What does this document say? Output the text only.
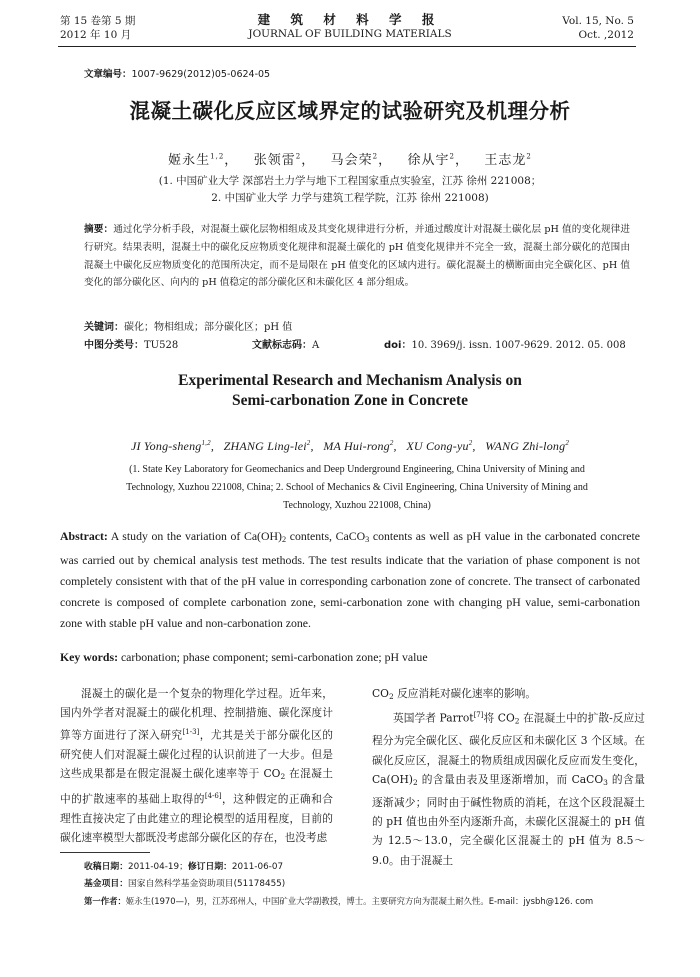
第 15 卷第 5 期
2012 年 10 月
建 筑 材 料 学 报
JOURNAL OF BUILDING MATERIALS
Vol. 15, No. 5
Oct. ,2012
文章编号：1007-9629(2012)05-0624-05
混凝土碳化反应区域界定的试验研究及机理分析
姬永生$^{1,2}$，   张领雷$^2$，   马会荣$^2$，   徐从宇$^2$，   王志龙$^2$
(1. 中国矿业大学 深部岩土力学与地下工程国家重点实验室，江苏 徐州 221008；
2. 中国矿业大学 力学与建筑工程学院，江苏 徐州 221008)
摘要：通过化学分析手段，对混凝土碳化层物相组成及其变化规律进行分析，并通过酸度计对混凝土碳化层 pH 值的变化规律进行研究。结果表明，混凝土中的碳化反应物质变化规律和混凝土碳化的 pH 值变化规律并不完全一致，混凝土部分碳化的范围由混凝土中碳化反应物质变化的范围所决定，而不是局限在 pH 值变化的区域内进行。碳化混凝土的横断面由完全碳化区、pH 值变化的部分碳化区、向内的 pH 值稳定的部分碳化区和未碳化区 4 部分组成。
关键词：碳化；物相组成；部分碳化区；pH 值
中图分类号：TU528	文献标志码：A	doi：10. 3969/j. issn. 1007-9629. 2012. 05. 008
Experimental Research and Mechanism Analysis on
Semi-carbonation Zone in Concrete
JI Yong-sheng$^{1,2}$,   ZHANG Ling-lei$^2$,   MA Hui-rong$^2$,   XU Cong-$yu^2$,   WANG Zhi-long$^2$
(1. State Key Laboratory for Geomechanics and Deep Underground Engineering, China University of Mining and
Technology, Xuzhou 221008, China; 2. School of Mechanics & Civil Engineering, China University of Mining and
Technology, Xuzhou 221008, China)
Abstract: A study on the variation of $Ca(OH)_2$ contents, CaCO$_3$ contents as well as pH value in the carbonated concrete was carried out by chemical analysis test methods. The test results indicate that the variation of phase component is not completely consistent with that of the pH value in corresponding carbonation zone of concrete. The transect of carbonated concrete is composed of complete carbonation zone, semi-carbonation zone with changing pH value, semi-carbonation zone with stable pH value and non-carbonation zone.
Key words: carbonation; phase component; semi-carbonation zone; pH value

混凝土的碳化是一个复杂的物理化学过程。近年来，国内外学者对混凝土的碳化机理、控制措施、碳化深度计算等方面进行了深入研究[1-3]，尤其是关于部分碳化区的研究使人们对混凝土碳化过程的认识前进了一大步。但是这些成果都是在假定混凝土碳化速率等于 $CO_2$ 在混凝土中的扩散速率的基础上取得的[4-6]，这种假定的正确和合理性直接决定了由此建立的理论模型的适用程度，目前的碳化速率模型大都既没考虑部分碳化区的存在，也没考虑

$CO_2$ 反应消耗对碳化速率的影响。

英国学者 Parrot[7]将 $CO_2$ 在混凝土中的扩散-反应过程分为完全碳化区、碳化反应区和未碳化区 3 个区域。在碳化反应区，混凝土的物质组成因碳化反应而发生变化，$Ca(OH)_2$ 的含量由表及里逐渐增加，而 CaCO$_3$ 的含量逐渐减少；同时由于碱性物质的消耗，在这个区段混凝土的 pH 值也由外至内逐渐升高，未碳化区混凝土的 pH 值为 12.5～13.0，完全碳化区混凝土的 pH 值为 8.5～9.0。由于混凝土

收稿日期：2011-04-19；修订日期：2011-06-07
基金项目：国家自然科学基金资助项目(51178455)
第一作者：姬永生(1970—)，男，江苏邳州人，中国矿业大学副教授，博士。主要研究方向为混凝土耐久性。E-mail：jysbh@126. com
